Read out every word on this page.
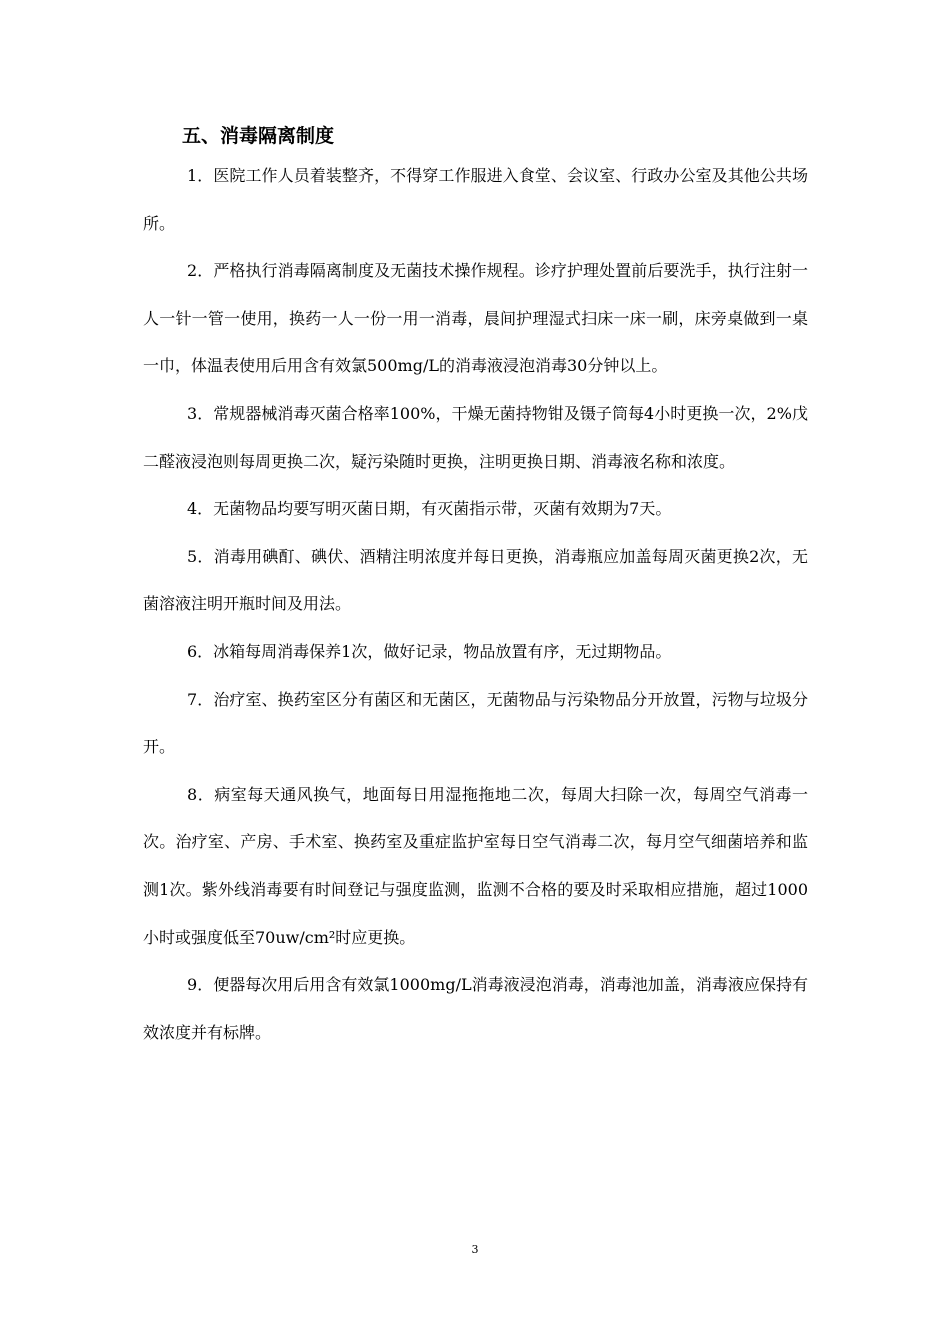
五、消毒隔离制度

1．医院工作人员着装整齐，不得穿工作服进入食堂、会议室、行政办公室及其他公共场所。

2．严格执行消毒隔离制度及无菌技术操作规程。诊疗护理处置前后要洗手，执行注射一人一针一管一使用，换药一人一份一用一消毒，晨间护理湿式扫床一床一刷，床旁桌做到一桌一巾，体温表使用后用含有效氯500mg/L的消毒液浸泡消毒30分钟以上。

3．常规器械消毒灭菌合格率100%，干燥无菌持物钳及镊子筒每4小时更换一次，2%戊二醛液浸泡则每周更换二次，疑污染随时更换，注明更换日期、消毒液名称和浓度。

4．无菌物品均要写明灭菌日期，有灭菌指示带，灭菌有效期为7天。

5．消毒用碘酊、碘伏、酒精注明浓度并每日更换，消毒瓶应加盖每周灭菌更换2次，无菌溶液注明开瓶时间及用法。

6．冰箱每周消毒保养1次，做好记录，物品放置有序，无过期物品。

7．治疗室、换药室区分有菌区和无菌区，无菌物品与污染物品分开放置，污物与垃圾分开。

8．病室每天通风换气，地面每日用湿拖拖地二次，每周大扫除一次，每周空气消毒一次。治疗室、产房、手术室、换药室及重症监护室每日空气消毒二次，每月空气细菌培养和监测1次。紫外线消毒要有时间登记与强度监测，监测不合格的要及时采取相应措施，超过1000小时或强度低至70uw/cm²时应更换。

9．便器每次用后用含有效氯1000mg/L消毒液浸泡消毒，消毒池加盖，消毒液应保持有效浓度并有标牌。

3
